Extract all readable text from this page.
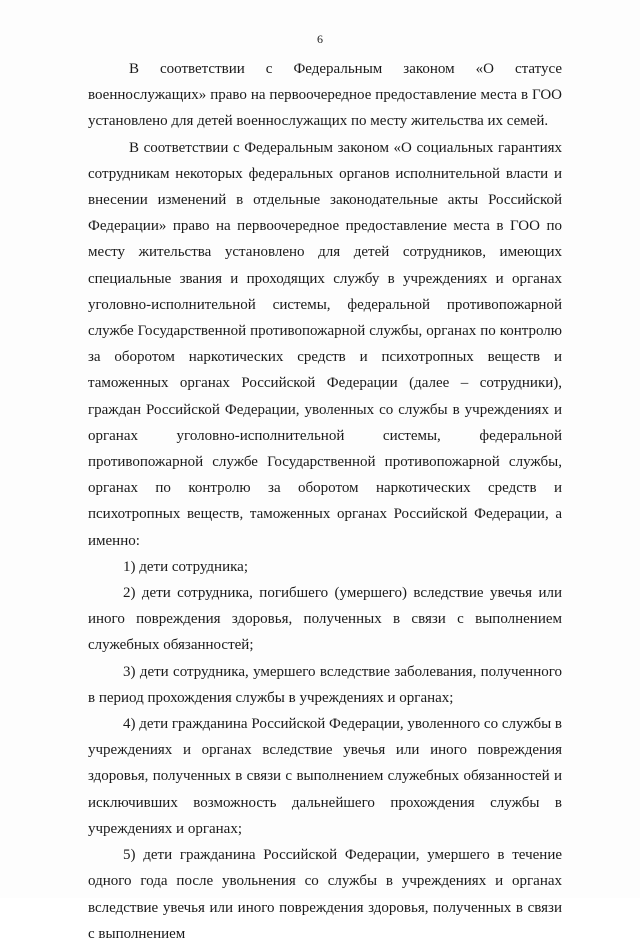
6

В соответствии с Федеральным законом «О статусе военнослужащих» право на первоочередное предоставление места в ГОО установлено для детей военнослужащих по месту жительства их семей.

В соответствии с Федеральным законом «О социальных гарантиях сотрудникам некоторых федеральных органов исполнительной власти и внесении изменений в отдельные законодательные акты Российской Федерации» право на первоочередное предоставление места в ГОО по месту жительства установлено для детей сотрудников, имеющих специальные звания и проходящих службу в учреждениях и органах уголовно-исполнительной системы, федеральной противопожарной службе Государственной противопожарной службы, органах по контролю за оборотом наркотических средств и психотропных веществ и таможенных органах Российской Федерации (далее – сотрудники), граждан Российской Федерации, уволенных со службы в учреждениях и органах уголовно-исполнительной системы, федеральной противопожарной службе Государственной противопожарной службы, органах по контролю за оборотом наркотических средств и психотропных веществ, таможенных органах Российской Федерации, а именно:

1) дети сотрудника;

2) дети сотрудника, погибшего (умершего) вследствие увечья или иного повреждения здоровья, полученных в связи с выполнением служебных обязанностей;

3) дети сотрудника, умершего вследствие заболевания, полученного в период прохождения службы в учреждениях и органах;

4) дети гражданина Российской Федерации, уволенного со службы в учреждениях и органах вследствие увечья или иного повреждения здоровья, полученных в связи с выполнением служебных обязанностей и исключивших возможность дальнейшего прохождения службы в учреждениях и органах;

5) дети гражданина Российской Федерации, умершего в течение одного года после увольнения со службы в учреждениях и органах вследствие увечья или иного повреждения здоровья, полученных в связи с выполнением
